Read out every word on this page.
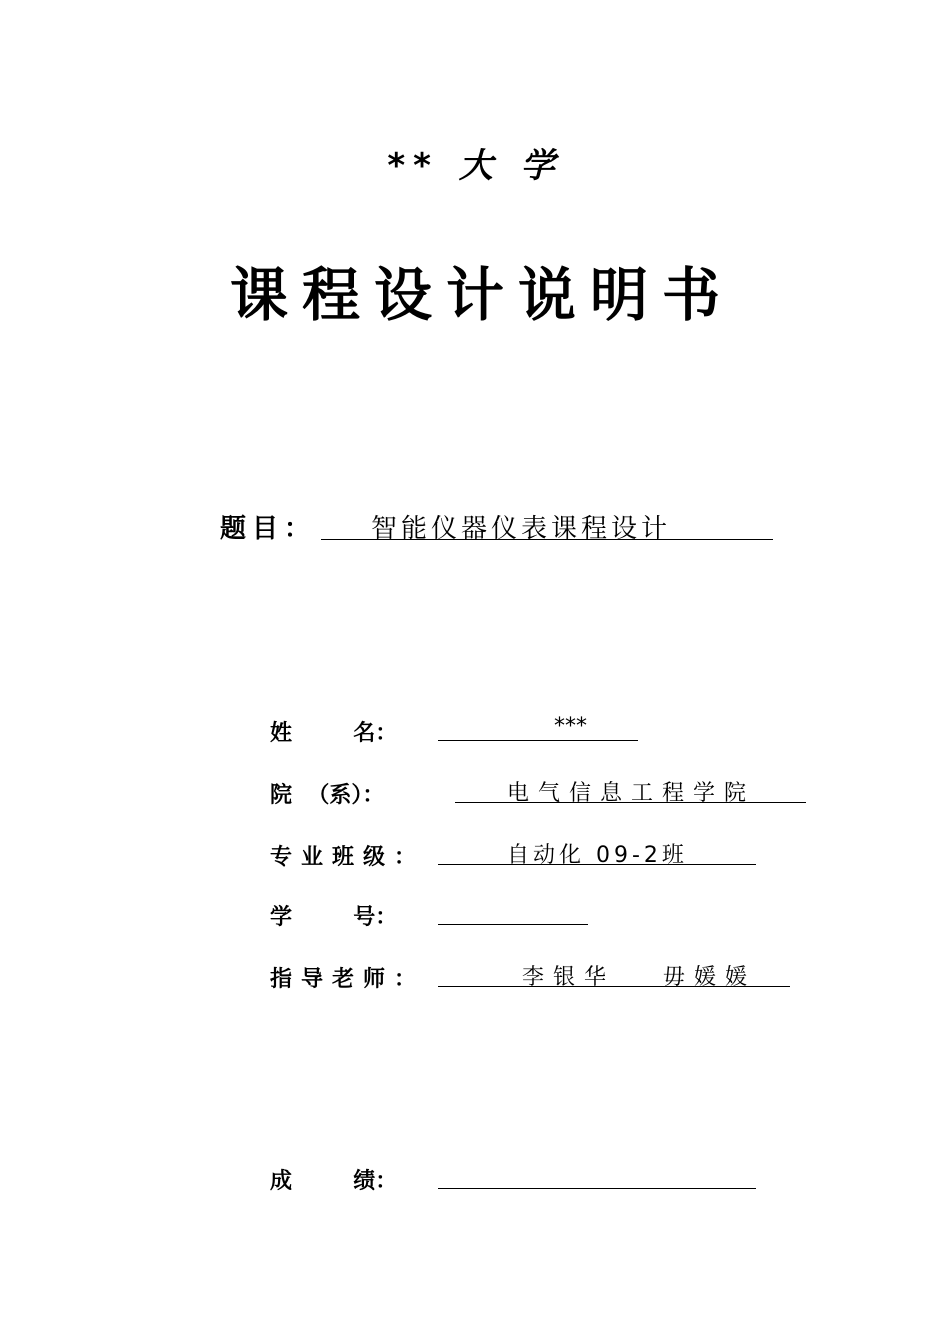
** 大 学
课程设计说明书
题目： 智能仪器仪表课程设计
姓        名：	***
院  （系）：	电气信息工程学院
专业班级：	自动化 09-2班
学        号：
指导老师：	李银华   毋媛媛
成        绩：
